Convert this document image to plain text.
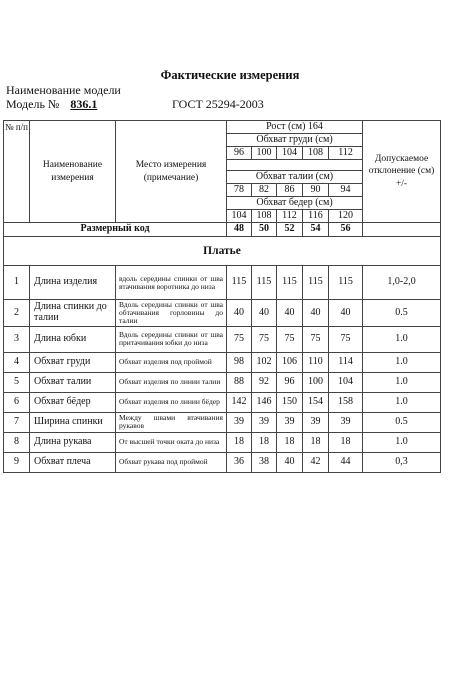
Фактические измерения
Наименование модели
Модель № 836.1	ГОСТ 25294-2003
№ п/п	Наименование измерения	Место измерения (примечание)	Рост (см) 164					Допускаемое отклонение (см) +/-
			Обхват груди (см)					
			96	100	104	108	112	

			Обхват талии (см)					
			78	82	86	90	94	
			Обхват бедер (см)					
			104	108	112	116	120	
Размерный код			48	50	52	54	56	
Платье								
1	Длина изделия	вдоль середины спинки от шва втачивания воротника до низа	115	115	115	115	115	1,0-2,0
2	Длина спинки до талии	Вдоль середины спинки от шва обтачивания горловины до талии	40	40	40	40	40	0.5
3	Длина юбки	Вдоль середины спинки от шва притачивания юбки до низа	75	75	75	75	75	1.0
4	Обхват груди	Обхват изделия под проймой	98	102	106	110	114	1.0
5	Обхват талии	Обхват изделия по линии талии	88	92	96	100	104	1.0
6	Обхват бёдер	Обхват изделия по линии бёдер	142	146	150	154	158	1.0
7	Ширина спинки	Между швами втачивания рукавов	39	39	39	39	39	0.5
8	Длина рукава	От высшей точки оката до низа	18	18	18	18	18	1.0
9	Обхват плеча	Обхват рукава под проймой	36	38	40	42	44	0,3
